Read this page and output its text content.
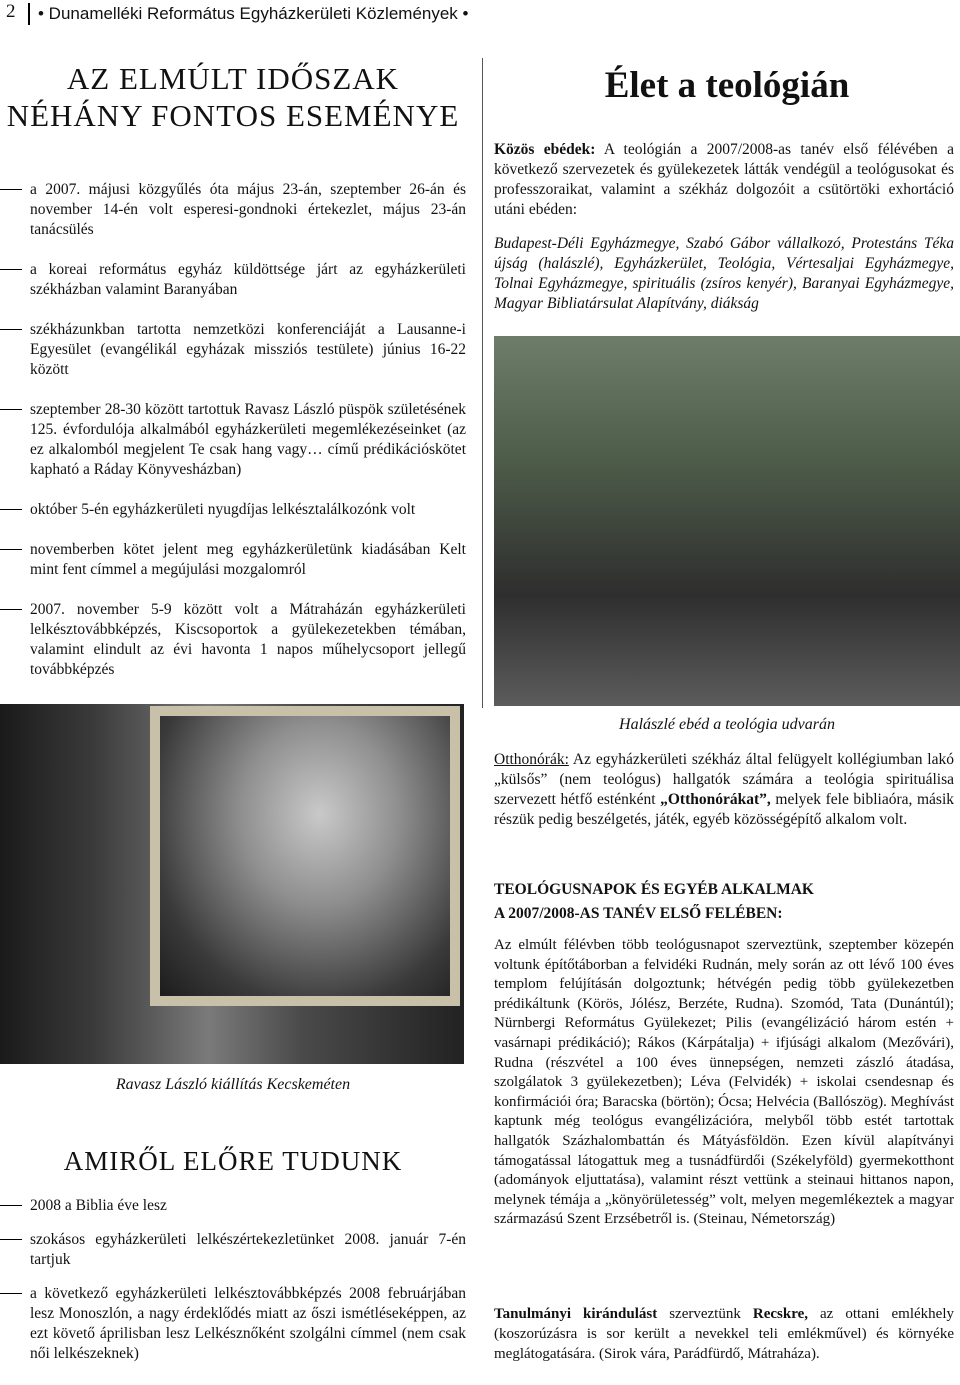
2 • Dunamelléki Református Egyházkerületi Közlemények •
AZ ELMÚLT IDŐSZAK
NÉHÁNY FONTOS ESEMÉNYE
a 2007. májusi közgyűlés óta május 23-án, szeptember 26-án és november 14-én volt esperesi-gondnoki értekezlet, május 23-án tanácsülés
a koreai református egyház küldöttsége járt az egyházkerületi székházban valamint Baranyában
székházunkban tartotta nemzetközi konferenciáját a Lausanne-i Egyesület (evangélikál egyházak missziós testülete) június 16-22 között
szeptember 28-30 között tartottuk Ravasz László püspök születésének 125. évfordulója alkalmából egyházkerületi megemlékezéseinket (az ez alkalomból megjelent Te csak hang vagy… című prédikációskötet kapható a Ráday Könyvesházban)
október 5-én egyházkerületi nyugdíjas lelkésztalálkozónk volt
novemberben kötet jelent meg egyházkerületünk kiadásában Kelt mint fent címmel a megújulási mozgalomról
2007. november 5-9 között volt a Mátraházán egyházkerületi lelkésztovábbképzés, Kiscsoportok a gyülekezetekben témában, valamint elindult az évi havonta 1 napos műhelycsoport jellegű továbbképzés
Ravasz László kiállítás Kecskeméten
AMIRŐL ELŐRE TUDUNK
2008 a Biblia éve lesz
szokásos egyházkerületi lelkészértekezletünket 2008. január 7-én tartjuk
a következő egyházkerületi lelkésztovábbképzés 2008 februárjában lesz Monoszlón, a nagy érdeklődés miatt az őszi ismétléseképpen, az ezt követő áprilisban lesz Lelkésznőként szolgálni címmel (nem csak női lelkészeknek)
Élet a teológián

Közös ebédek: A teológián a 2007/2008-as tanév első félévében a következő szervezetek és gyülekezetek látták vendégül a teológusokat és professzoraikat, valamint a székház dolgozóit a csütörtöki exhortáció utáni ebéden:

Budapest-Déli Egyházmegye, Szabó Gábor vállalkozó, Protestáns Téka újság (halászlé), Egyházkerület, Teológia, Vértesaljai Egyházmegye, Tolnai Egyházmegye, spirituális (zsíros kenyér), Baranyai Egyházmegye, Magyar Bibliatársulat Alapítvány, diákság

Halászlé ebéd a teológia udvarán

Otthonórák: Az egyházkerületi székház által felügyelt kollégiumban lakó „külsős” (nem teológus) hallgatók számára a teológia spirituálisa szervezett hétfő esténként „Otthonórákat”, melyek fele bibliaóra, másik részük pedig beszélgetés, játék, egyéb közösségépítő alkalom volt.

TEOLÓGUSNAPOK ÉS EGYÉB ALKALMAK
A 2007/2008-AS TANÉV ELSŐ FELÉBEN:

Az elmúlt félévben több teológusnapot szerveztünk, szeptember közepén voltunk építőtáborban a felvidéki Rudnán, mely során az ott lévő 100 éves templom felújításán dolgoztunk; hétvégén pedig több gyülekezetben prédikáltunk (Körös, Jólész, Berzéte, Rudna). Szomód, Tata (Dunántúl); Nürnbergi Református Gyülekezet; Pilis (evangélizáció három estén + vasárnapi prédikáció); Rákos (Kárpátalja) + ifjúsági alkalom (Mezővári), Rudna (részvétel a 100 éves ünnepségen, nemzeti zászló átadása, szolgálatok 3 gyülekezetben); Léva (Felvidék) + iskolai csendesnap és konfirmációi óra; Baracska (börtön); Ócsa; Helvécia (Ballószög). Meghívást kaptunk még teológus evangélizációra, melyből több estét tartottak hallgatók Százhalombattán és Mátyásföldön. Ezen kívül alapítványi támogatással látogattuk meg a tusnádfürdői (Székelyföld) gyermekotthont (adományok eljuttatása), valamint részt vettünk a steinaui hittanos napon, melynek témája a „könyörületesség” volt, melyen megemlékeztek a magyar származású Szent Erzsébetről is. (Steinau, Németország)

Tanulmányi kirándulást szerveztünk Recskre, az ottani emlékhely (koszorúzásra is sor került a nevekkel teli emlékművel) és környéke meglátogatására. (Sirok vára, Parádfürdő, Mátraháza).
